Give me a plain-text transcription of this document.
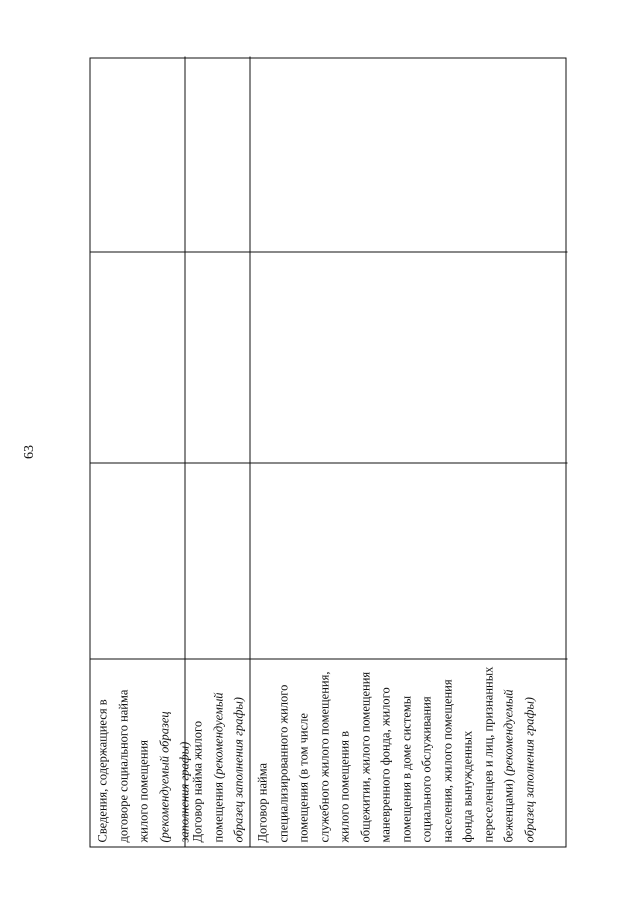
63

Сведения, содержащиеся в договоре социального найма жилого помещения (рекомендуемый образец заполнения графы) Договор найма жилого помещения (рекомендуемый образец заполнения графы) Договор найма специализированного жилого помещения (в том числе служебного жилого помещения, жилого помещения в общежитии, жилого помещения маневренного фонда, жилого помещения в доме системы социального обслуживания населения, жилого помещения фонда вынужденных переселенцев и лиц, признанных беженцами) (рекомендуемый образец заполнения графы)
